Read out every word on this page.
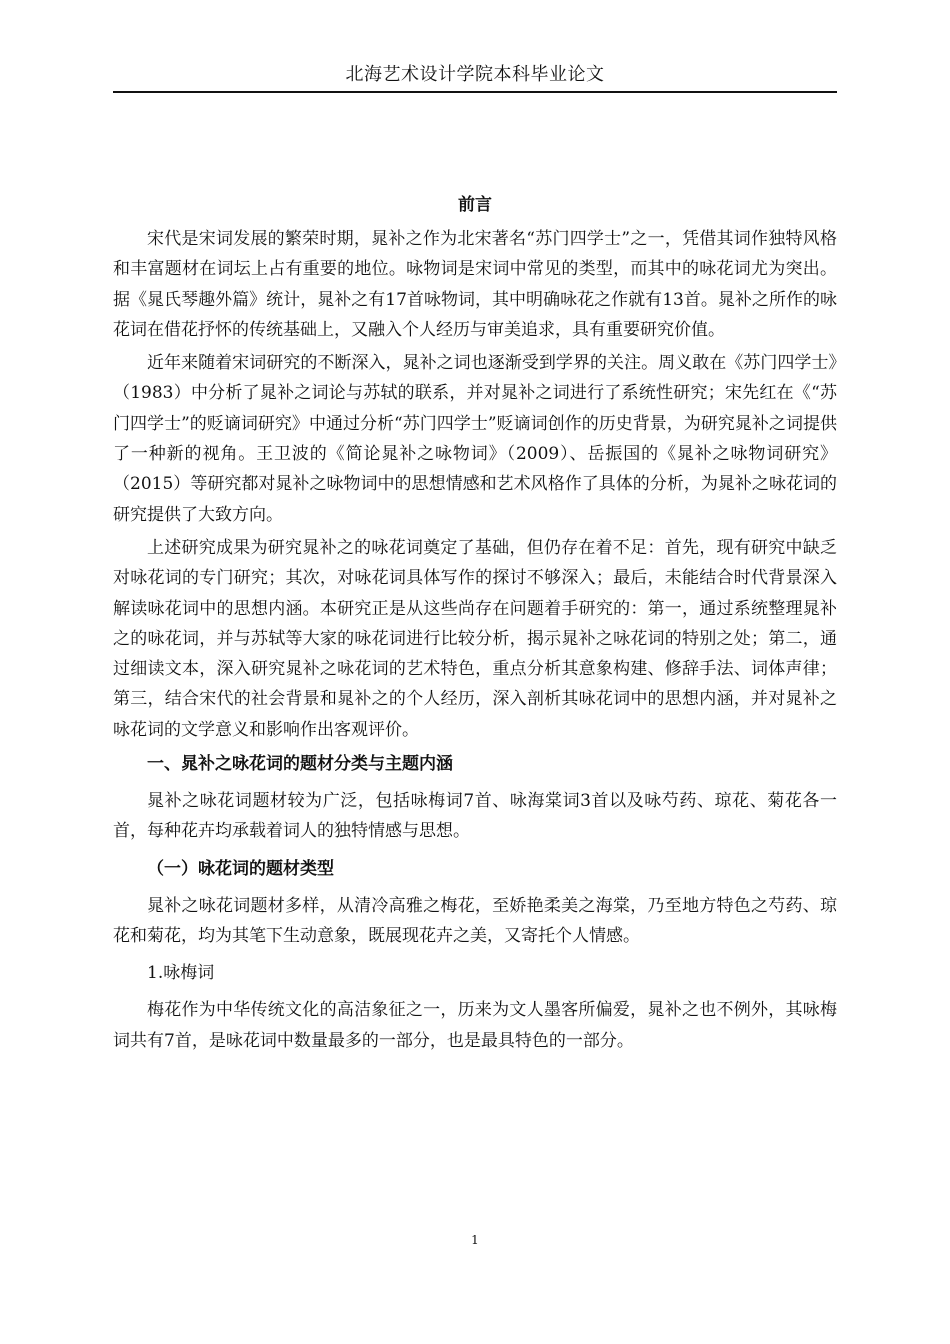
北海艺术设计学院本科毕业论文
前言

宋代是宋词发展的繁荣时期，晁补之作为北宋著名“苏门四学士”之一，凭借其词作独特风格和丰富题材在词坛上占有重要的地位。咏物词是宋词中常见的类型，而其中的咏花词尤为突出。据《晁氏琴趣外篇》统计，晁补之有17首咏物词，其中明确咏花之作就有13首。晁补之所作的咏花词在借花抒怀的传统基础上，又融入个人经历与审美追求，具有重要研究价值。

近年来随着宋词研究的不断深入，晁补之词也逐渐受到学界的关注。周义敢在《苏门四学士》（1983）中分析了晁补之词论与苏轼的联系，并对晁补之词进行了系统性研究；宋先红在《“苏门四学士”的贬谪词研究》中通过分析“苏门四学士”贬谪词创作的历史背景，为研究晁补之词提供了一种新的视角。王卫波的《简论晁补之咏物词》（2009）、岳振国的《晁补之咏物词研究》（2015）等研究都对晁补之咏物词中的思想情感和艺术风格作了具体的分析，为晁补之咏花词的研究提供了大致方向。

上述研究成果为研究晁补之的咏花词奠定了基础，但仍存在着不足：首先，现有研究中缺乏对咏花词的专门研究；其次，对咏花词具体写作的探讨不够深入；最后，未能结合时代背景深入解读咏花词中的思想内涵。本研究正是从这些尚存在问题着手研究的：第一，通过系统整理晁补之的咏花词，并与苏轼等大家的咏花词进行比较分析，揭示晁补之咏花词的特别之处；第二，通过细读文本，深入研究晁补之咏花词的艺术特色，重点分析其意象构建、修辞手法、词体声律；第三，结合宋代的社会背景和晁补之的个人经历，深入剖析其咏花词中的思想内涵，并对晁补之咏花词的文学意义和影响作出客观评价。

一、晁补之咏花词的题材分类与主题内涵

晁补之咏花词题材较为广泛，包括咏梅词7首、咏海棠词3首以及咏芍药、琼花、菊花各一首，每种花卉均承载着词人的独特情感与思想。

（一）咏花词的题材类型

晁补之咏花词题材多样，从清冷高雅之梅花，至娇艳柔美之海棠，乃至地方特色之芍药、琼花和菊花，均为其笔下生动意象，既展现花卉之美，又寄托个人情感。

1.咏梅词

梅花作为中华传统文化的高洁象征之一，历来为文人墨客所偏爱，晁补之也不例外，其咏梅词共有7首，是咏花词中数量最多的一部分，也是最具特色的一部分。

1
